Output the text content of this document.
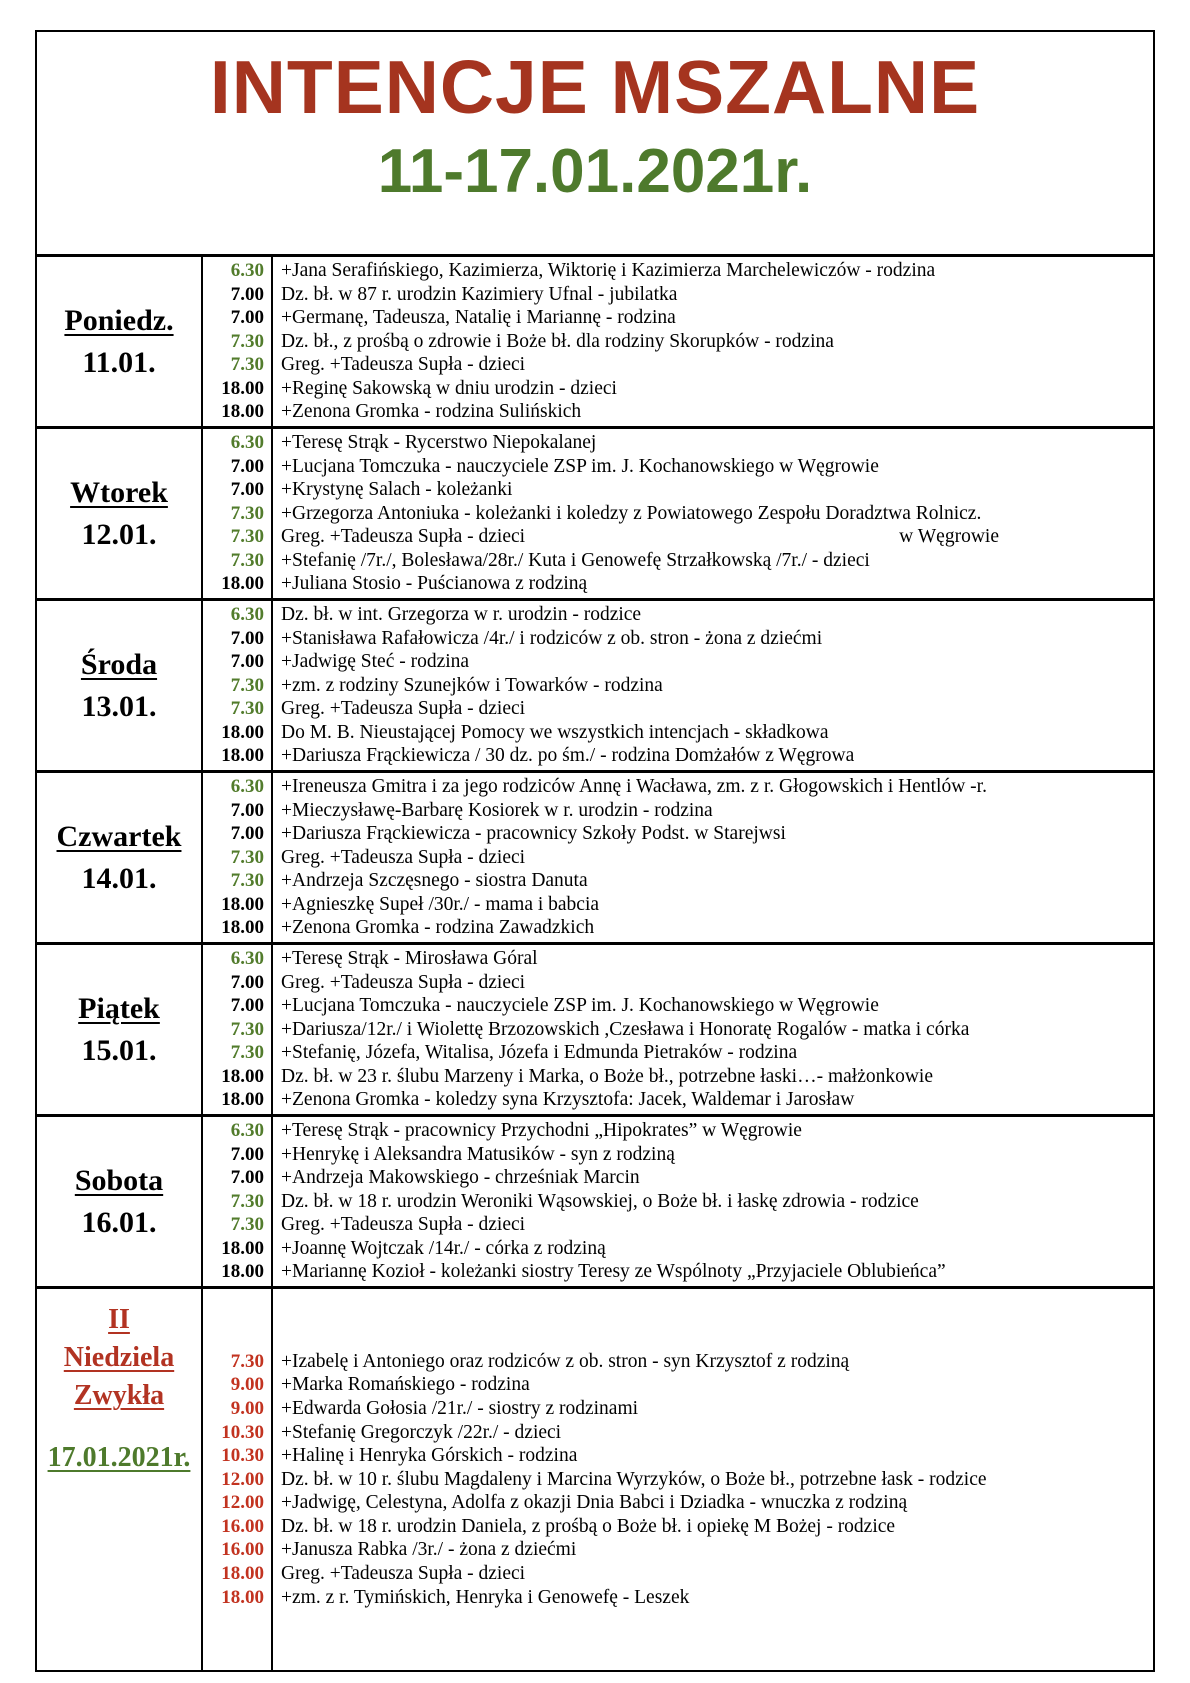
INTENCJE MSZALNE
11-17.01.2021r.
Poniedz.
11.01.
6.30
7.00
7.00
7.30
7.30
18.00
18.00
+Jana Serafińskiego, Kazimierza, Wiktorię i Kazimierza Marchelewiczów - rodzina
Dz. bł. w 87 r. urodzin Kazimiery Ufnal - jubilatka
+Germanę, Tadeusza, Natalię i Mariannę - rodzina
Dz. bł., z prośbą o zdrowie i Boże bł. dla rodziny Skorupków - rodzina
Greg. +Tadeusza Supła - dzieci
+Reginę Sakowską w dniu urodzin - dzieci
+Zenona Gromka - rodzina Sulińskich
Wtorek
12.01.
6.30
7.00
7.00
7.30
7.30
7.30
18.00
+Teresę Strąk - Rycerstwo Niepokalanej
+Lucjana Tomczuka - nauczyciele ZSP im. J. Kochanowskiego w Węgrowie
+Krystynę Salach - koleżanki
+Grzegorza Antoniuka - koleżanki i koledzy z Powiatowego Zespołu Doradztwa Rolnicz.
Greg. +Tadeusza Supła - dzieci	w Węgrowie
+Stefanię /7r./, Bolesława/28r./ Kuta i Genowefę Strzałkowską /7r./ - dzieci
+Juliana Stosio - Puścianowa z rodziną
Środa
13.01.
6.30
7.00
7.00
7.30
7.30
18.00
18.00
Dz. bł. w int. Grzegorza w r. urodzin - rodzice
+Stanisława Rafałowicza /4r./ i rodziców z ob. stron - żona z dziećmi
+Jadwigę Steć - rodzina
+zm. z rodziny Szunejków i Towarków - rodzina
Greg. +Tadeusza Supła - dzieci
Do M. B. Nieustającej Pomocy we wszystkich intencjach - składkowa
+Dariusza Frąckiewicza / 30 dz. po śm./ - rodzina Domżałów z Węgrowa
Czwartek
14.01.
6.30
7.00
7.00
7.30
7.30
18.00
18.00
+Ireneusza Gmitra i za jego rodziców Annę i Wacława, zm. z r. Głogowskich i Hentlów -r.
+Mieczysławę-Barbarę Kosiorek w r. urodzin - rodzina
+Dariusza Frąckiewicza - pracownicy Szkoły Podst. w Starejwsi
Greg. +Tadeusza Supła - dzieci
+Andrzeja Szczęsnego - siostra Danuta
+Agnieszkę Supeł /30r./ - mama i babcia
+Zenona Gromka - rodzina Zawadzkich
Piątek
15.01.
6.30
7.00
7.00
7.30
7.30
18.00
18.00
+Teresę Strąk - Mirosława Góral
Greg. +Tadeusza Supła - dzieci
+Lucjana Tomczuka - nauczyciele ZSP im. J. Kochanowskiego w Węgrowie
+Dariusza/12r./ i Wiolettę Brzozowskich ,Czesława i Honoratę Rogalów - matka i córka
+Stefanię, Józefa, Witalisa, Józefa i Edmunda Pietraków - rodzina
Dz. bł. w 23 r. ślubu Marzeny i Marka, o Boże bł., potrzebne łaski…- małżonkowie
+Zenona Gromka - koledzy syna Krzysztofa: Jacek, Waldemar i Jarosław
Sobota
16.01.
6.30
7.00
7.00
7.30
7.30
18.00
18.00
+Teresę Strąk - pracownicy Przychodni „Hipokrates” w Węgrowie
+Henrykę i Aleksandra Matusików - syn z rodziną
+Andrzeja Makowskiego - chrześniak Marcin
Dz. bł. w 18 r. urodzin Weroniki Wąsowskiej, o Boże bł. i łaskę zdrowia - rodzice
Greg. +Tadeusza Supła - dzieci
+Joannę Wojtczak /14r./ - córka z rodziną
+Mariannę Kozioł - koleżanki siostry Teresy ze Wspólnoty „Przyjaciele Oblubieńca”
II
Niedziela
Zwykła
17.01.2021r.
7.30
9.00
9.00
10.30
10.30
12.00
12.00
16.00
16.00
18.00
18.00
+Izabelę i Antoniego oraz rodziców z ob. stron - syn Krzysztof z rodziną
+Marka Romańskiego - rodzina
+Edwarda Gołosia /21r./ - siostry z rodzinami
+Stefanię Gregorczyk /22r./ - dzieci
+Halinę i Henryka Górskich - rodzina
Dz. bł. w 10 r. ślubu Magdaleny i Marcina Wyrzyków, o Boże bł., potrzebne łask - rodzice
+Jadwigę, Celestyna, Adolfa z okazji Dnia Babci i Dziadka - wnuczka z rodziną
Dz. bł. w 18 r. urodzin Daniela, z prośbą o Boże bł. i opiekę M Bożej - rodzice
+Janusza Rabka /3r./ - żona z dziećmi
Greg. +Tadeusza Supła - dzieci
+zm. z r. Tymińskich, Henryka i Genowefę - Leszek
